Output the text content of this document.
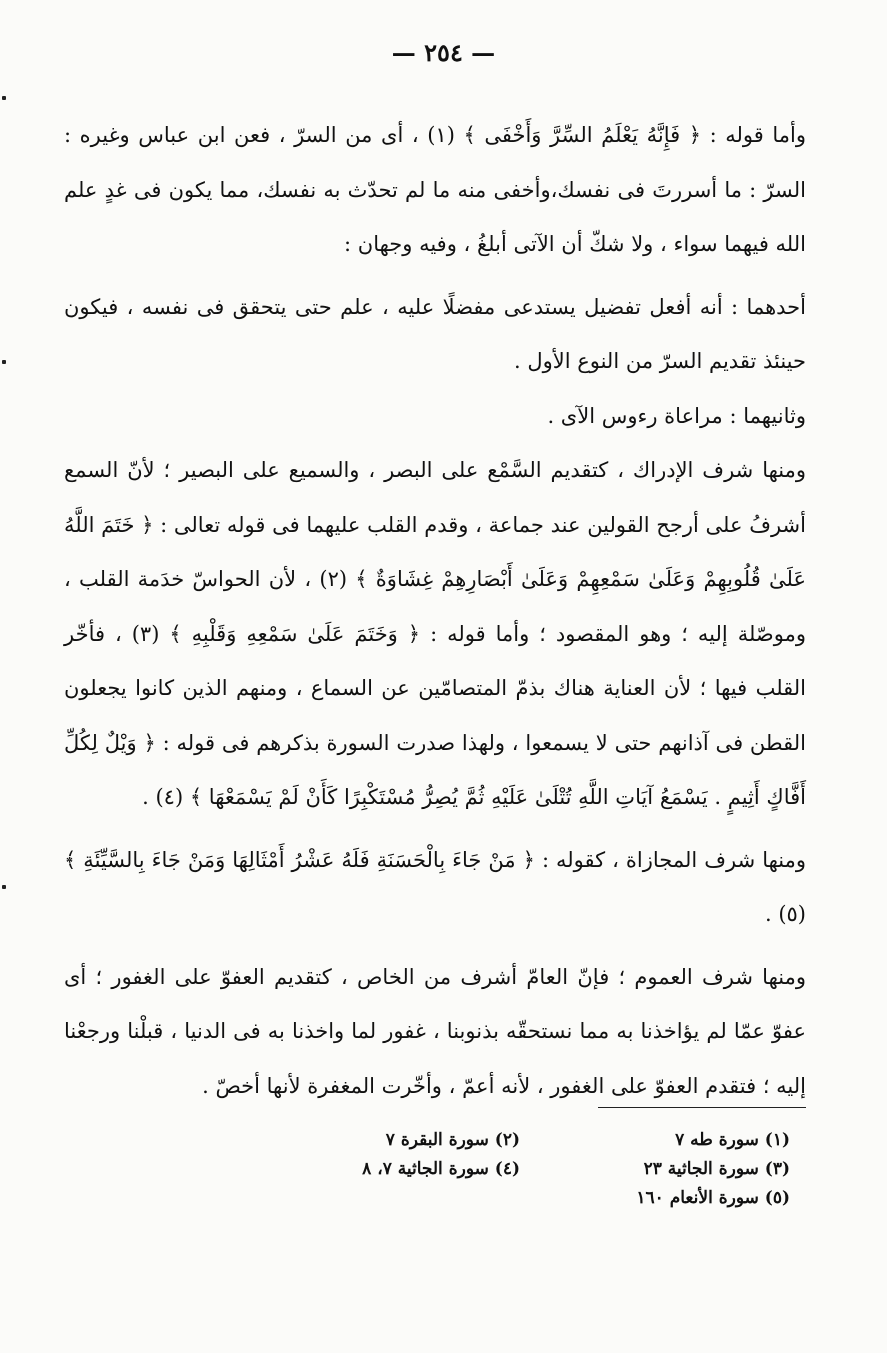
— ٢٥٤ —

وأما قوله : ﴿ فَإِنَّهُ يَعْلَمُ السِّرَّ وَأَخْفَى ﴾ (١) ، أى من السرّ ، فعن ابن عباس وغيره : السرّ : ما أسررتَ فى نفسك،وأخفى منه ما لم تحدّث به نفسك، مما يكون فى غدٍ علم الله فيهما سواء ، ولا شكّ أن الآتى أبلغُ ، وفيه وجهان :

أحدهما : أنه أفعل تفضيل يستدعى مفضلًا عليه ، علم حتى يتحقق فى نفسه ، فيكون حينئذ تقديم السرّ من النوع الأول .

وثانيهما : مراعاة رءوس الآى .

ومنها شرف الإدراك ، كتقديم السَّمْع على البصر ، والسميع على البصير ؛ لأنّ السمع أشرفُ على أرجح القولين عند جماعة ، وقدم القلب عليهما فى قوله تعالى : ﴿ خَتَمَ اللَّهُ عَلَىٰ قُلُوبِهِمْ وَعَلَىٰ سَمْعِهِمْ وَعَلَىٰ أَبْصَارِهِمْ غِشَاوَةٌ ﴾ (٢) ، لأن الحواسّ خدَمة القلب ، وموصّلة إليه ؛ وهو المقصود ؛ وأما قوله : ﴿ وَخَتَمَ عَلَىٰ سَمْعِهِ وَقَلْبِهِ ﴾ (٣) ، فأخّر القلب فيها ؛ لأن العناية هناك بذمّ المتصامّين عن السماع ، ومنهم الذين كانوا يجعلون القطن فى آذانهم حتى لا يسمعوا ، ولهذا صدرت السورة بذكرهم فى قوله : ﴿ وَيْلٌ لِكُلِّ أَفَّاكٍ أَثِيمٍ . يَسْمَعُ آيَاتِ اللَّهِ تُتْلَىٰ عَلَيْهِ ثُمَّ يُصِرُّ مُسْتَكْبِرًا كَأَنْ لَمْ يَسْمَعْهَا ﴾ (٤) .

ومنها شرف المجازاة ، كقوله : ﴿ مَنْ جَاءَ بِالْحَسَنَةِ فَلَهُ عَشْرُ أَمْثَالِهَا وَمَنْ جَاءَ بِالسَّيِّئَةِ ﴾ (٥) .

ومنها شرف العموم ؛ فإنّ العامّ أشرف من الخاص ، كتقديم العفوّ على الغفور ؛ أى عفوّ عمّا لم يؤاخذنا به مما نستحقّه بذنوبنا ، غفور لما واخذنا به فى الدنيا ، قبلْنا ورجعْنا إليه ؛ فتقدم العفوّ على الغفور ، لأنه أعمّ ، وأخّرت المغفرة لأنها أخصّ .

(١) سورة طه ٧
(٢) سورة البقرة ٧
(٣) سورة الجاثية ٢٣
(٤) سورة الجاثية ٧، ٨
(٥) سورة الأنعام ١٦٠
